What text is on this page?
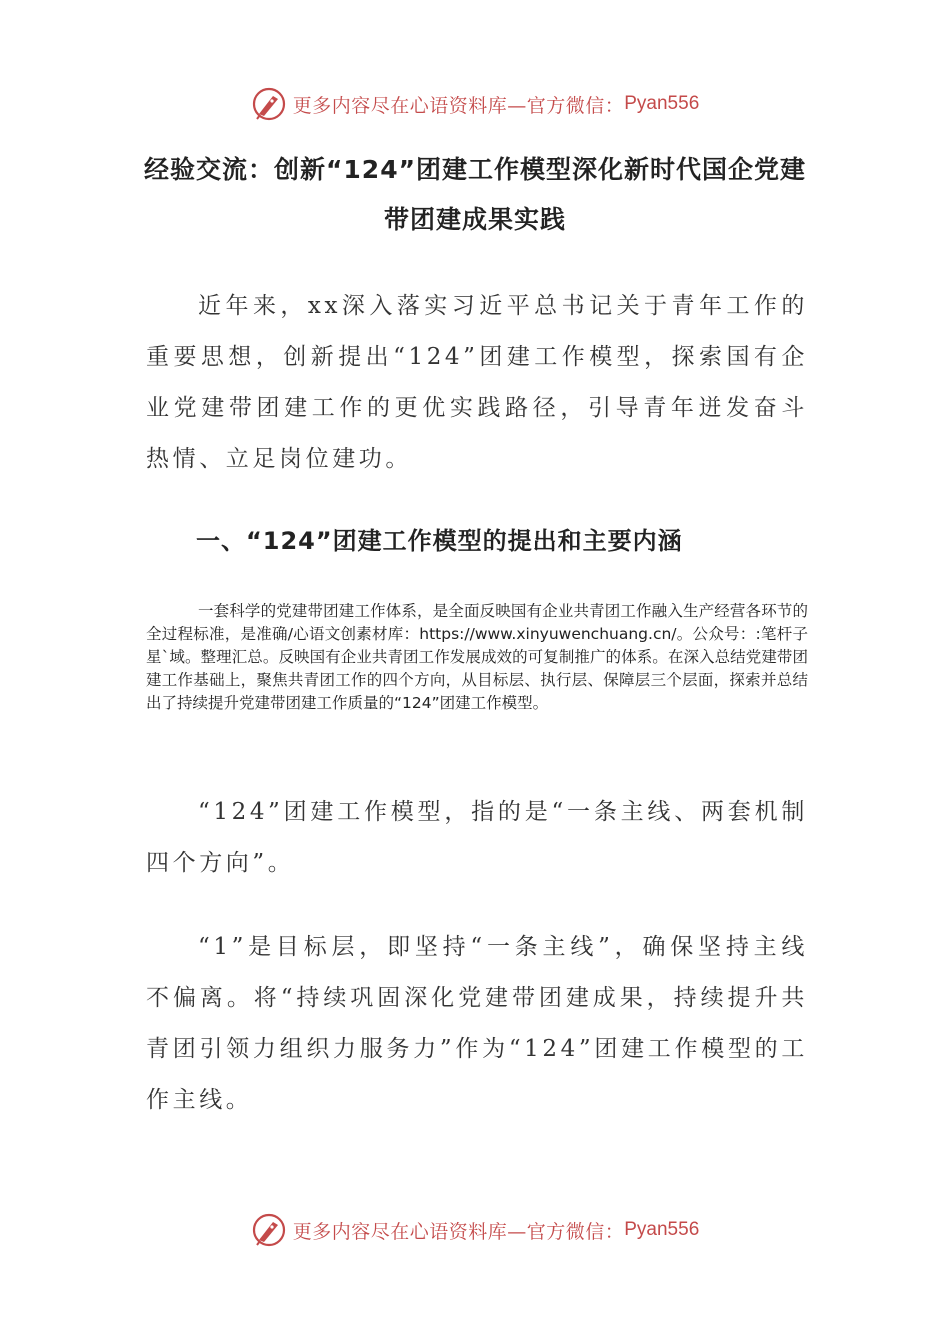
更多内容尽在心语资料库—官方微信： Pyan556
经验交流：创新“124”团建工作模型深化新时代国企党建
带团建成果实践

近年来，xx深入落实习近平总书记关于青年工作的重要思想，创新提出“124”团建工作模型，探索国有企业党建带团建工作的更优实践路径，引导青年迸发奋斗热情、立足岗位建功。

一、“124”团建工作模型的提出和主要内涵

一套科学的党建带团建工作体系，是全面反映国有企业共青团工作融入生产经营各环节的全过程标准，是准确/心语文创素材库：https://www.xinyuwenchuang.cn/。公众号：:笔杆子星`域。整理汇总。反映国有企业共青团工作发展成效的可复制推广的体系。在深入总结党建带团建工作基础上，聚焦共青团工作的四个方向，从目标层、执行层、保障层三个层面，探索并总结出了持续提升党建带团建工作质量的“124”团建工作模型。

“124”团建工作模型，指的是“一条主线、两套机制四个方向”。

“1”是目标层，即坚持“一条主线”，确保坚持主线不偏离。将“持续巩固深化党建带团建成果，持续提升共青团引领力组织力服务力”作为“124”团建工作模型的工作主线。

更多内容尽在心语资料库—官方微信： Pyan556
